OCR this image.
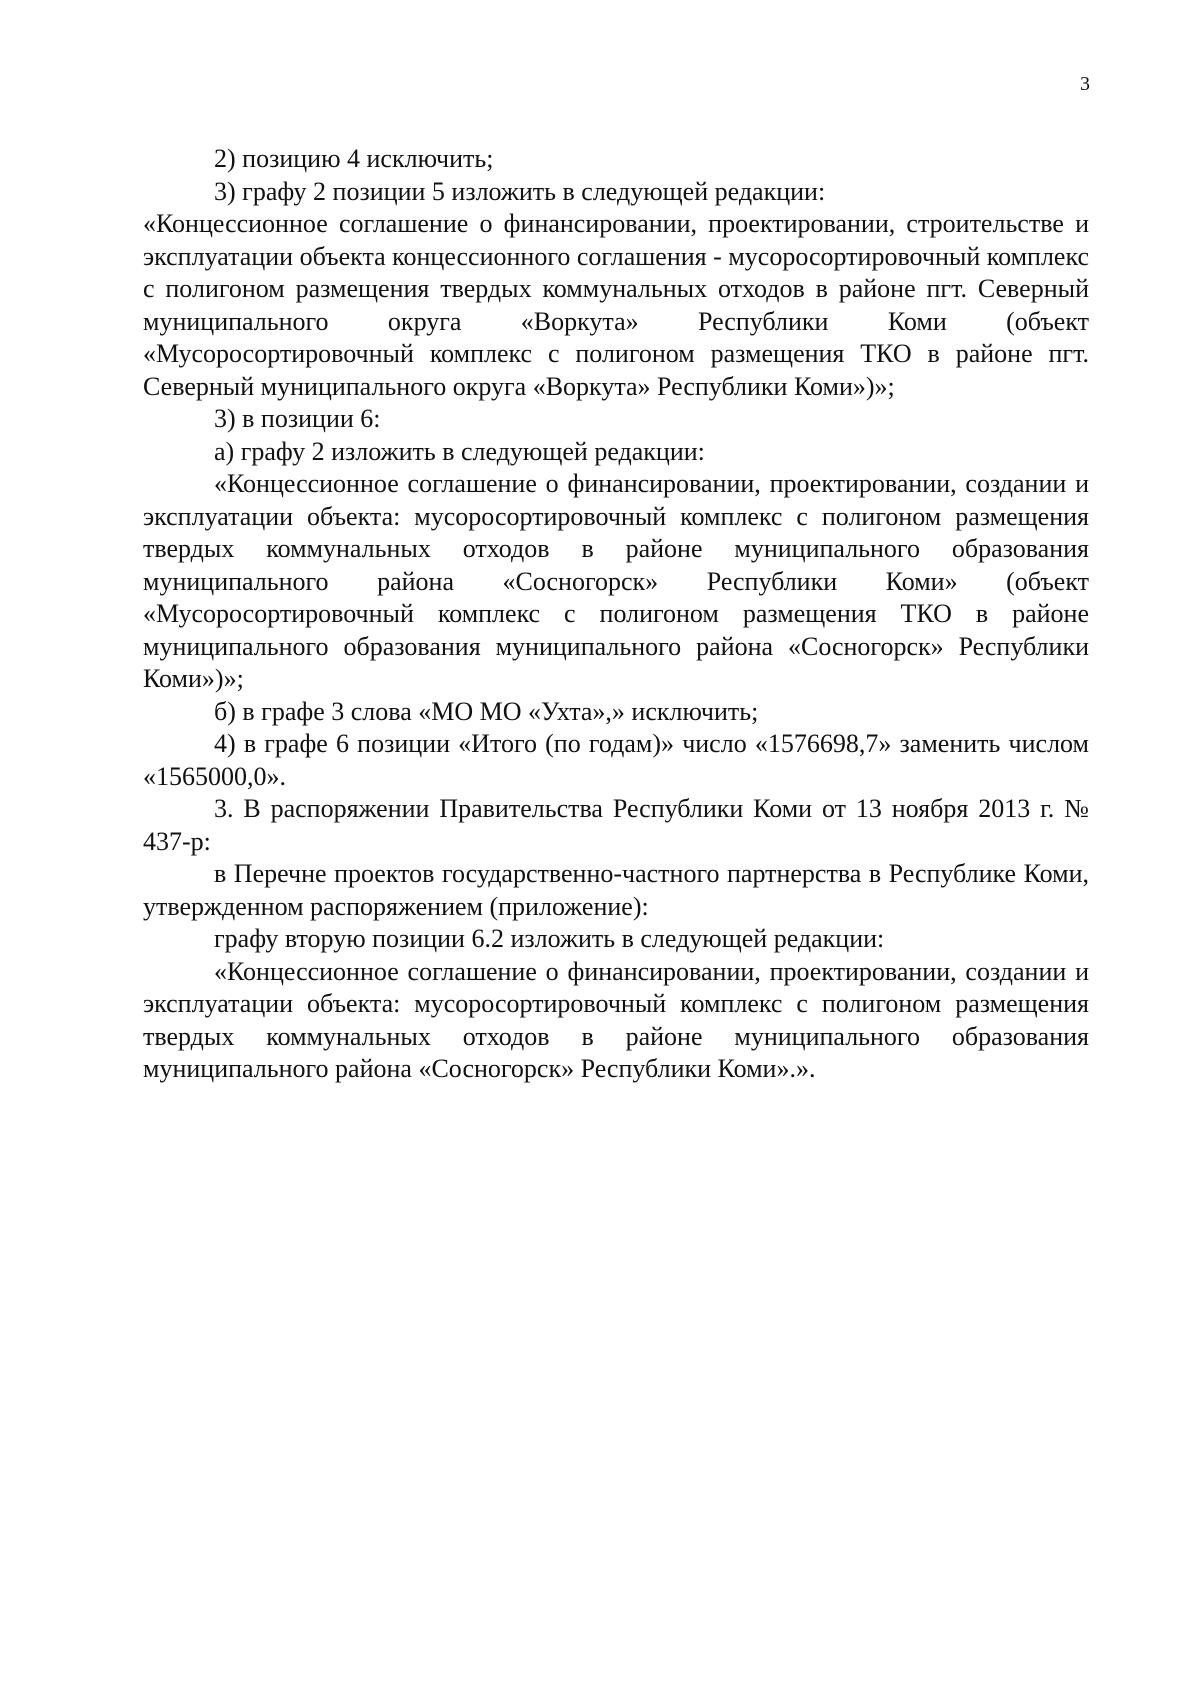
3

2) позицию 4 исключить;

3) графу 2 позиции 5 изложить в следующей редакции:

«Концессионное соглашение о финансировании, проектировании, строительстве и эксплуатации объекта концессионного соглашения - мусоросортировочный комплекс с полигоном размещения твердых коммунальных отходов в районе пгт. Северный муниципального округа «Воркута» Республики Коми (объект «Мусоросортировочный комплекс с полигоном размещения ТКО в районе пгт. Северный муниципального округа «Воркута» Республики Коми»)»;

3) в позиции 6:

а) графу 2 изложить в следующей редакции:

«Концессионное соглашение о финансировании, проектировании, создании и эксплуатации объекта: мусоросортировочный комплекс с полигоном размещения твердых коммунальных отходов в районе муниципального образования муниципального района «Сосногорск» Республики Коми» (объект «Мусоросортировочный комплекс с полигоном размещения ТКО в районе муниципального образования муниципального района «Сосногорск» Республики Коми»)»;

б) в графе 3 слова «МО МО «Ухта»,» исключить;

4) в графе 6 позиции «Итого (по годам)» число «1576698,7» заменить числом «1565000,0».

3. В распоряжении Правительства Республики Коми от 13 ноября 2013 г. № 437-р:

в Перечне проектов государственно-частного партнерства в Республике Коми, утвержденном распоряжением (приложение):

графу вторую позиции 6.2 изложить в следующей редакции:

«Концессионное соглашение о финансировании, проектировании, создании и эксплуатации объекта: мусоросортировочный комплекс с полигоном размещения твердых коммунальных отходов в районе муниципального образования муниципального района «Сосногорск» Республики Коми».».
